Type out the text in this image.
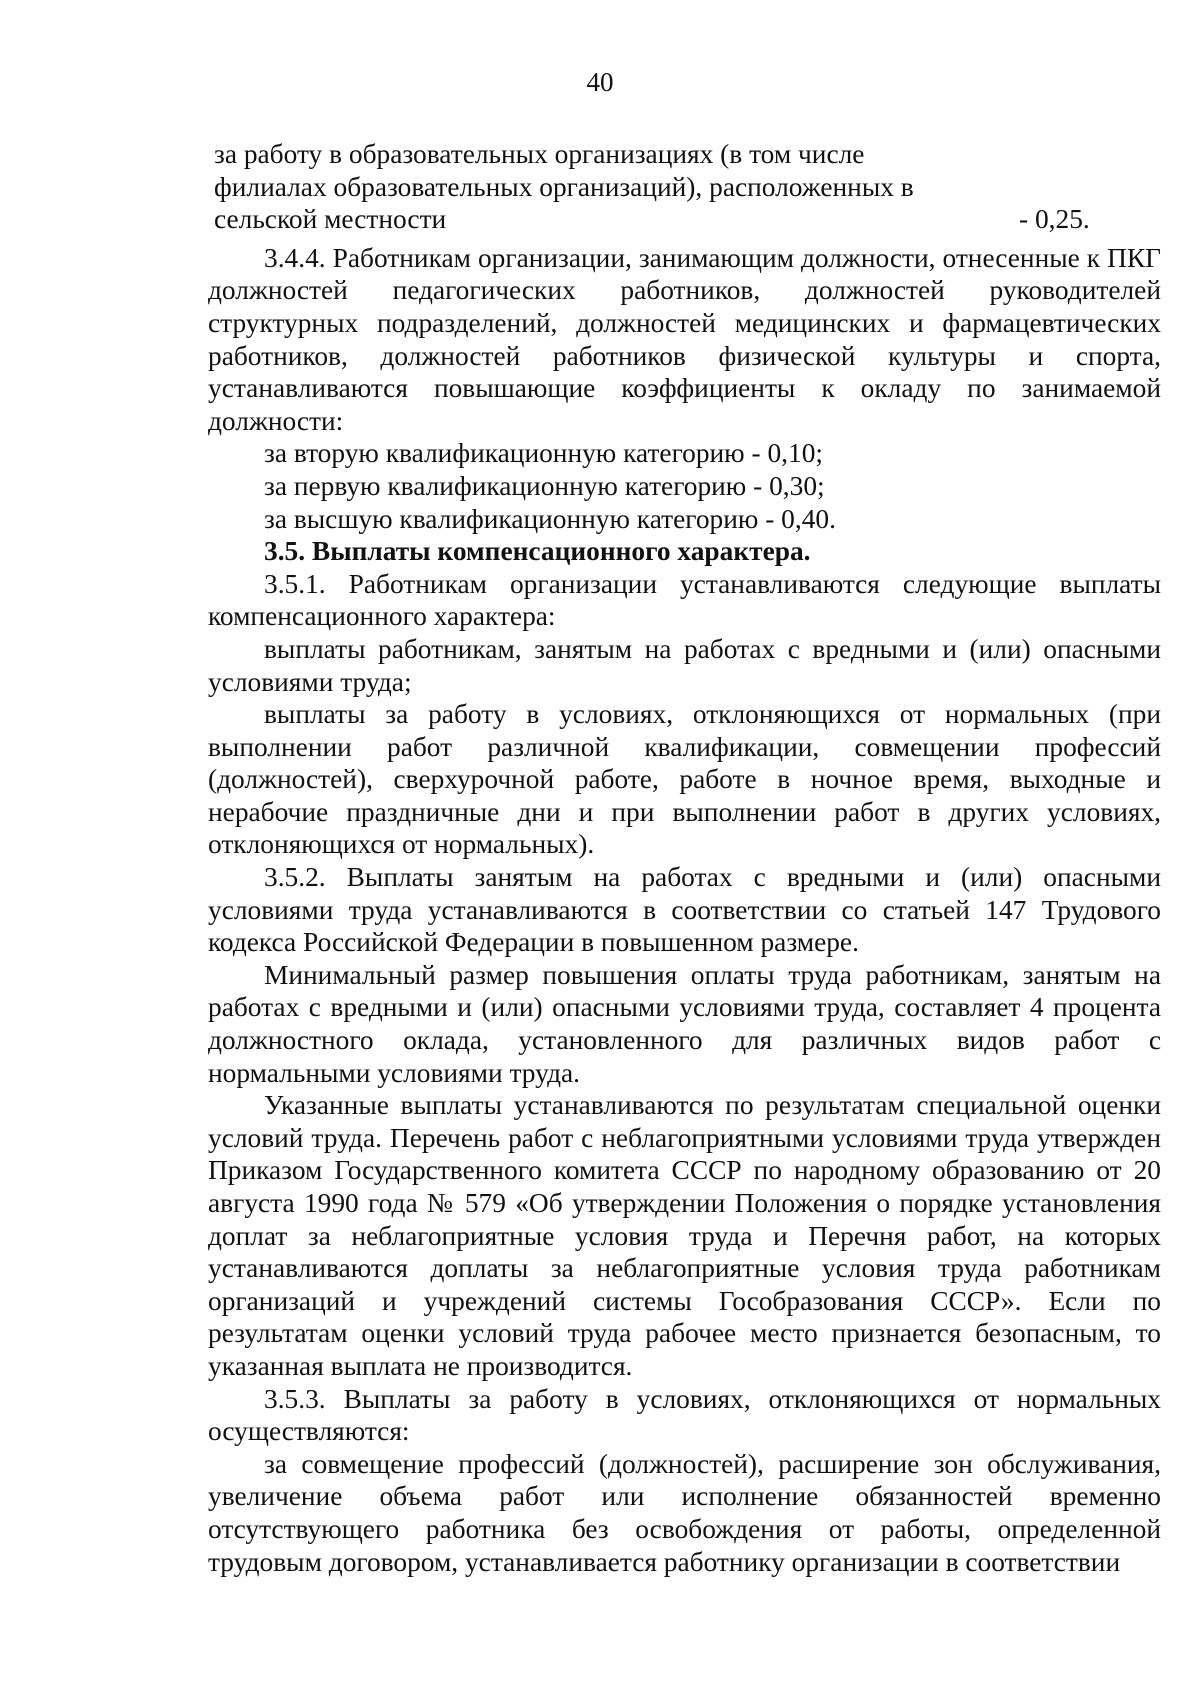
40

за работу в образовательных организациях (в том числе филиалах образовательных организаций), расположенных в сельской местности	- 0,25.

3.4.4. Работникам организации, занимающим должности, отнесенные к ПКГ должностей педагогических работников, должностей руководителей структурных подразделений, должностей медицинских и фармацевтических работников, должностей работников физической культуры и спорта, устанавливаются повышающие коэффициенты к окладу по занимаемой должности:

за вторую квалификационную категорию - 0,10;

за первую квалификационную категорию - 0,30;

за высшую квалификационную категорию - 0,40.

3.5. Выплаты компенсационного характера.

3.5.1. Работникам организации устанавливаются следующие выплаты компенсационного характера:

выплаты работникам, занятым на работах с вредными и (или) опасными условиями труда;

выплаты за работу в условиях, отклоняющихся от нормальных (при выполнении работ различной квалификации, совмещении профессий (должностей), сверхурочной работе, работе в ночное время, выходные и нерабочие праздничные дни и при выполнении работ в других условиях, отклоняющихся от нормальных).

3.5.2. Выплаты занятым на работах с вредными и (или) опасными условиями труда устанавливаются в соответствии со статьей 147 Трудового кодекса Российской Федерации в повышенном размере.

Минимальный размер повышения оплаты труда работникам, занятым на работах с вредными и (или) опасными условиями труда, составляет 4 процента должностного оклада, установленного для различных видов работ с нормальными условиями труда.

Указанные выплаты устанавливаются по результатам специальной оценки условий труда. Перечень работ с неблагоприятными условиями труда утвержден Приказом Государственного комитета СССР по народному образованию от 20 августа 1990 года № 579 «Об утверждении Положения о порядке установления доплат за неблагоприятные условия труда и Перечня работ, на которых устанавливаются доплаты за неблагоприятные условия труда работникам организаций и учреждений системы Гособразования СССР». Если по результатам оценки условий труда рабочее место признается безопасным, то указанная выплата не производится.

3.5.3. Выплаты за работу в условиях, отклоняющихся от нормальных осуществляются:

за совмещение профессий (должностей), расширение зон обслуживания, увеличение объема работ или исполнение обязанностей временно отсутствующего работника без освобождения от работы, определенной трудовым договором, устанавливается работнику организации в соответствии
